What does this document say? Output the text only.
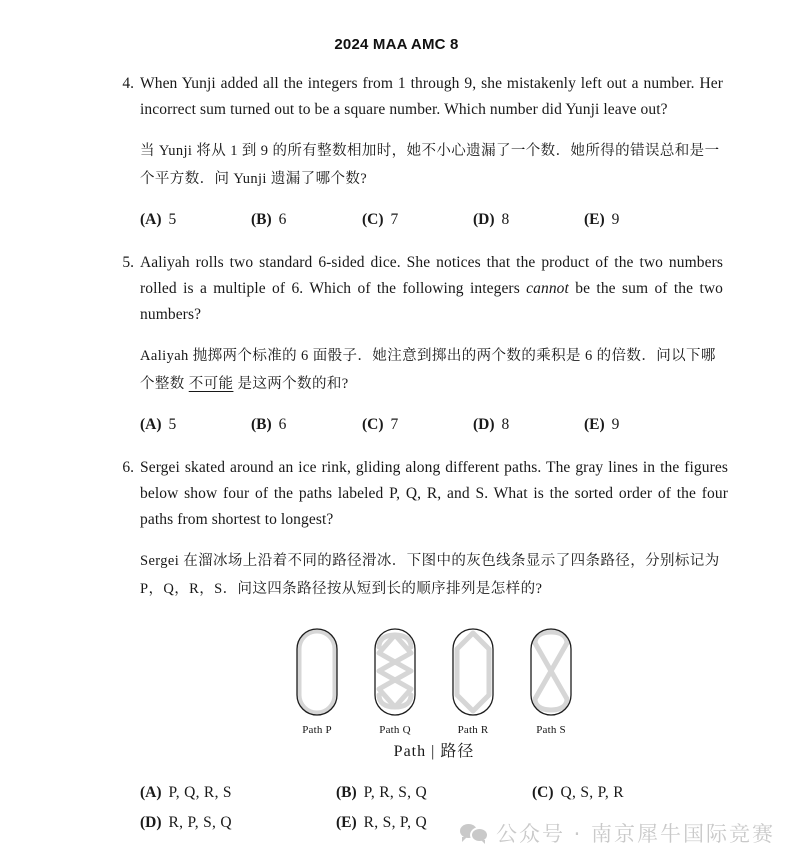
2024 MAA AMC 8
4. When Yunji added all the integers from 1 through 9, she mistakenly left out a number. Her incorrect sum turned out to be a square number. Which number did Yunji leave out?
当 Yunji 将从 1 到 9 的所有整数相加时，她不小心遗漏了一个数．她所得的错误总和是一个平方数．问 Yunji 遗漏了哪个数?
(A) 5	(B) 6	(C) 7	(D) 8	(E) 9
5. Aaliyah rolls two standard 6-sided dice. She notices that the product of the two numbers rolled is a multiple of 6. Which of the following integers cannot be the sum of the two numbers?
Aaliyah 抛掷两个标准的 6 面骰子．她注意到掷出的两个数的乘积是 6 的倍数．问以下哪个整数 不可能 是这两个数的和?
(A) 5	(B) 6	(C) 7	(D) 8	(E) 9
6. Sergei skated around an ice rink, gliding along different paths. The gray lines in the figures below show four of the paths labeled P, Q, R, and S. What is the sorted order of the four paths from shortest to longest?
Sergei 在溜冰场上沿着不同的路径滑冰．下图中的灰色线条显示了四条路径，分别标记为 P，Q，R，S．问这四条路径按从短到长的顺序排列是怎样的?
Path P	Path Q	Path R	Path S
Path | 路径
(A) P, Q, R, S	(B) P, R, S, Q	(C) Q, S, P, R
(D) R, P, S, Q	(E) R, S, P, Q	公众号 · 南京犀牛国际竞赛
